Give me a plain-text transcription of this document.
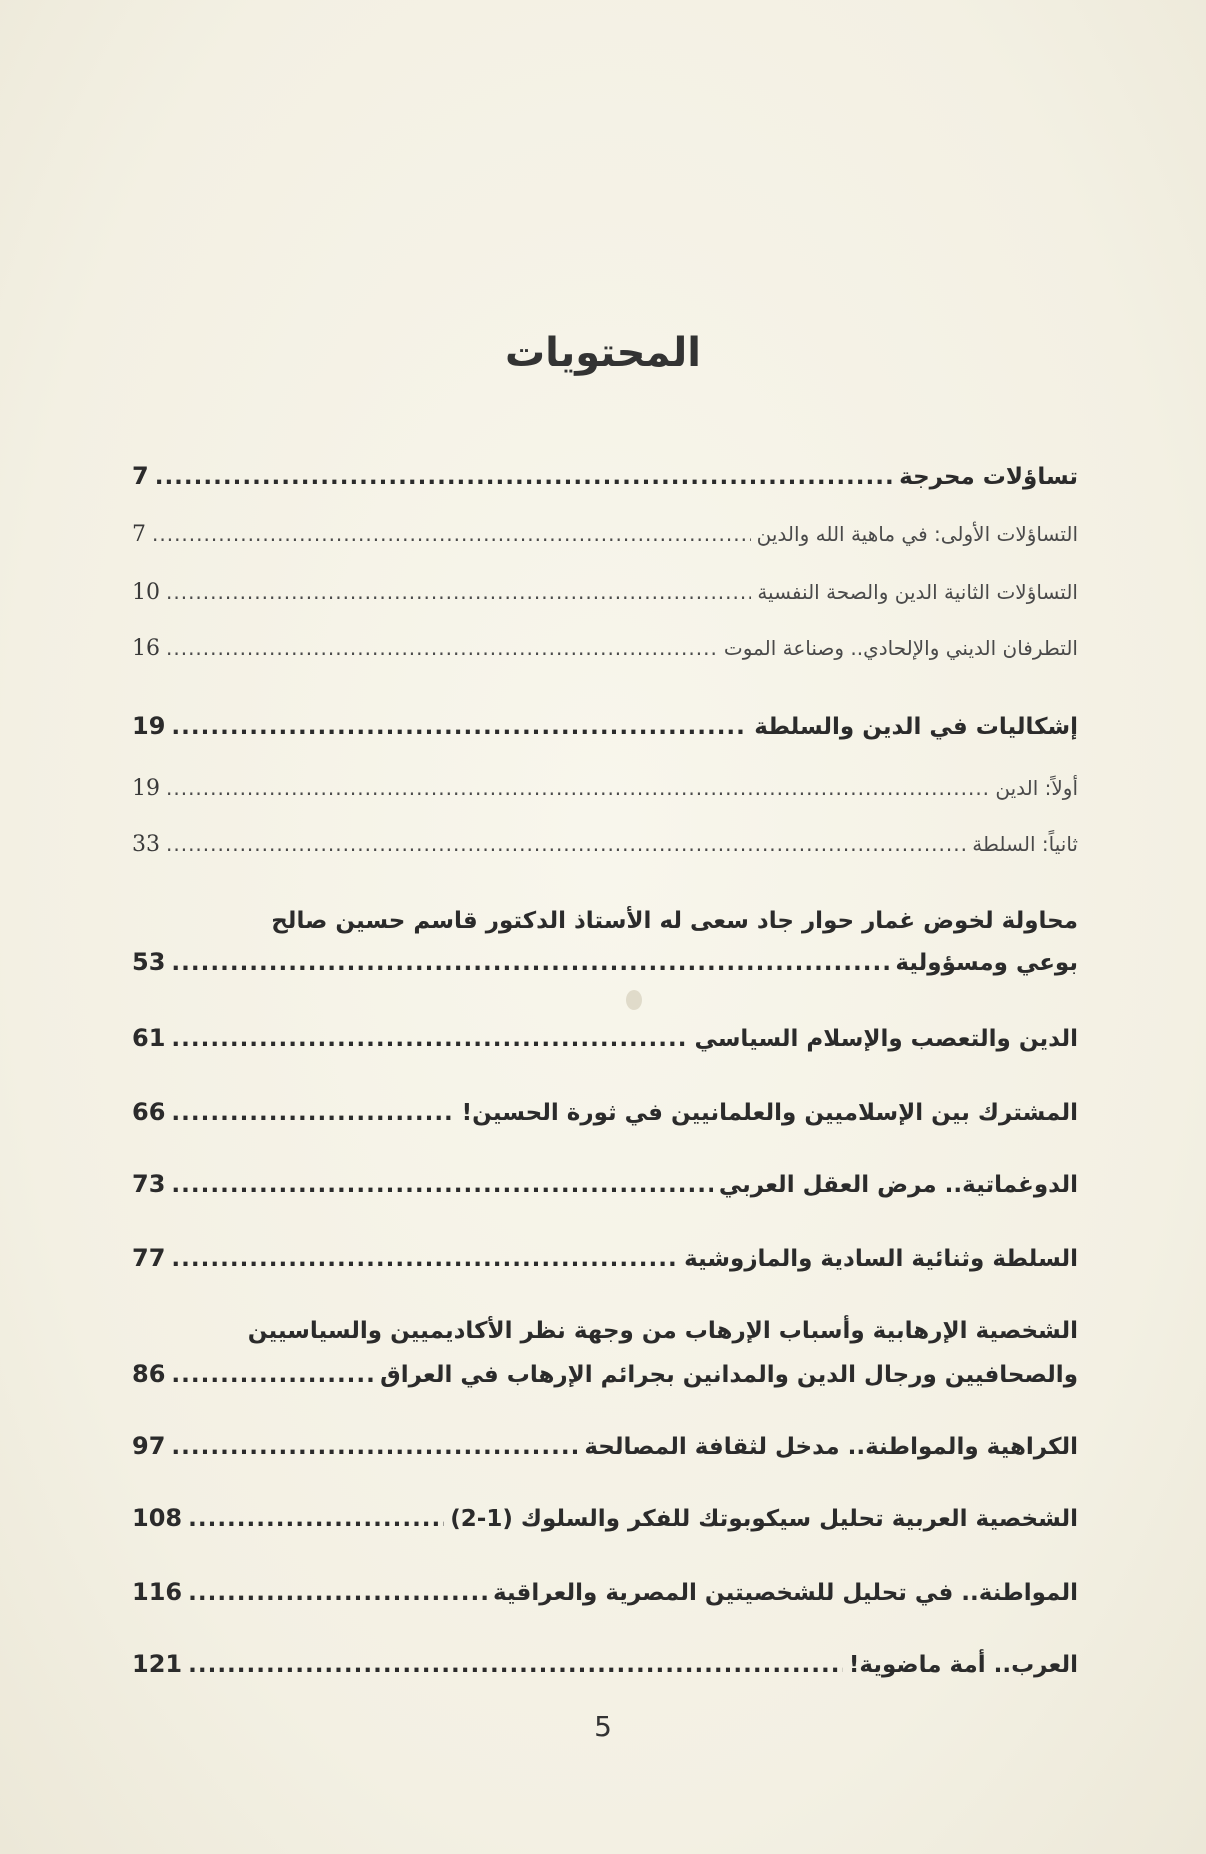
المحتويات
7 .....	تساؤلات محرجة
7 .....	التساؤلات الأولى: في ماهية الله والدين
10 .....	التساؤلات الثانية الدين والصحة النفسية
16 .....	التطرفان الديني والإلحادي.. وصناعة الموت
19 .....	إشكاليات في الدين والسلطة
19 .....	أولاً: الدين
33 .....	ثانياً: السلطة
محاولة لخوض غمار حوار جاد سعى له الأستاذ الدكتور قاسم حسين صالح
53 .....	بوعي ومسؤولية
61 .....	الدين والتعصب والإسلام السياسي
66 .....	المشترك بين الإسلاميين والعلمانيين في ثورة الحسين!
73 .....	الدوغماتية.. مرض العقل العربي
77 .....	السلطة وثنائية السادية والمازوشية
الشخصية الإرهابية وأسباب الإرهاب من وجهة نظر الأكاديميين والسياسيين
86 .....	والصحافيين ورجال الدين والمدانين بجرائم الإرهاب في العراق
97 .....	الكراهية والمواطنة.. مدخل لثقافة المصالحة
108 .....	الشخصية العربية تحليل سيكوبوتك للفكر والسلوك (1-2)
116 .....	المواطنة.. في تحليل للشخصيتين المصرية والعراقية
121 .....	العرب.. أمة ماضوية!
5
